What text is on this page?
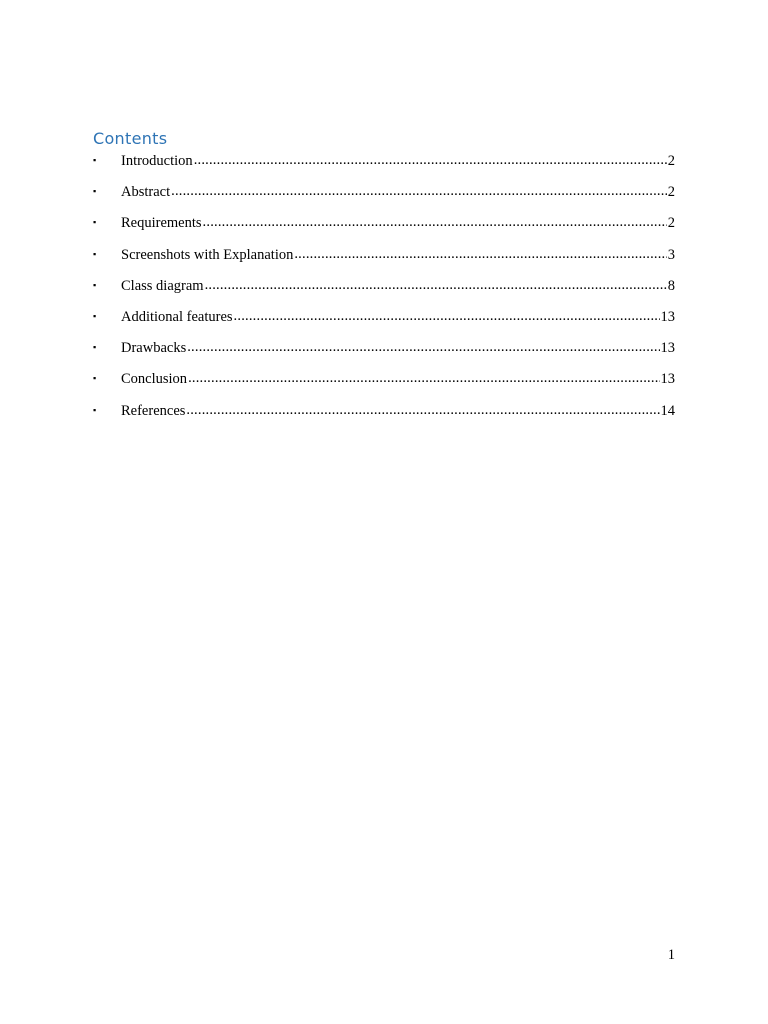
Contents
▪	Introduction .....	2
▪	Abstract .....	2
▪	Requirements .....	2
▪	Screenshots with Explanation .....	3
▪	Class diagram .....	8
▪	Additional features .....	13
▪	Drawbacks .....	13
▪	Conclusion .....	13
▪	References .....	14
1
